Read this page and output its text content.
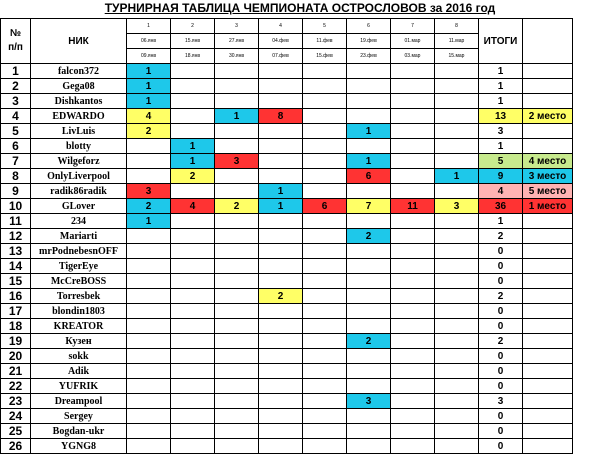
ТУРНИРНАЯ ТАБЛИЦА ЧЕМПИОНАТА ОСТРОСЛОВОВ за 2016 год
№
п/п	НИК	1	2	3	4	5	6	7	8	ИТОГИ	
		06.янв	15.янв	27.янв	04.фев	11.фев	19.фев	01.мар	11.мар		
		09.янв	18.янв	30.янв	07.фев	15.фев	23.фев	03.мар	15.мар		
1	falcon372	1								1	
2	Gega08	1								1	
3	Dishkantos	1								1	
4	EDWARDO	4		1	8					13	2 место
5	LivLuis	2					1			3	
6	blotty		1							1	
7	Wilgeforz		1	3			1			5	4 место
8	OnlyLiverpool		2				6		1	9	3 место
9	radik86radik	3			1					4	5 место
10	GLover	2	4	2	1	6	7	11	3	36	1 место
11	234	1								1	
12	Mariarti						2			2	
13	mrPodnebesnOFF									0	
14	TigerEye									0	
15	McCreBOSS									0	
16	Torresbek				2					2	
17	blondin1803									0	
18	KREATOR									0	
19	Кузен						2			2	
20	sokk									0	
21	Adik									0	
22	YUFRIK									0	
23	Dreampool						3			3	
24	Sergey									0	
25	Bogdan-ukr									0	
26	YGNG8									0	
